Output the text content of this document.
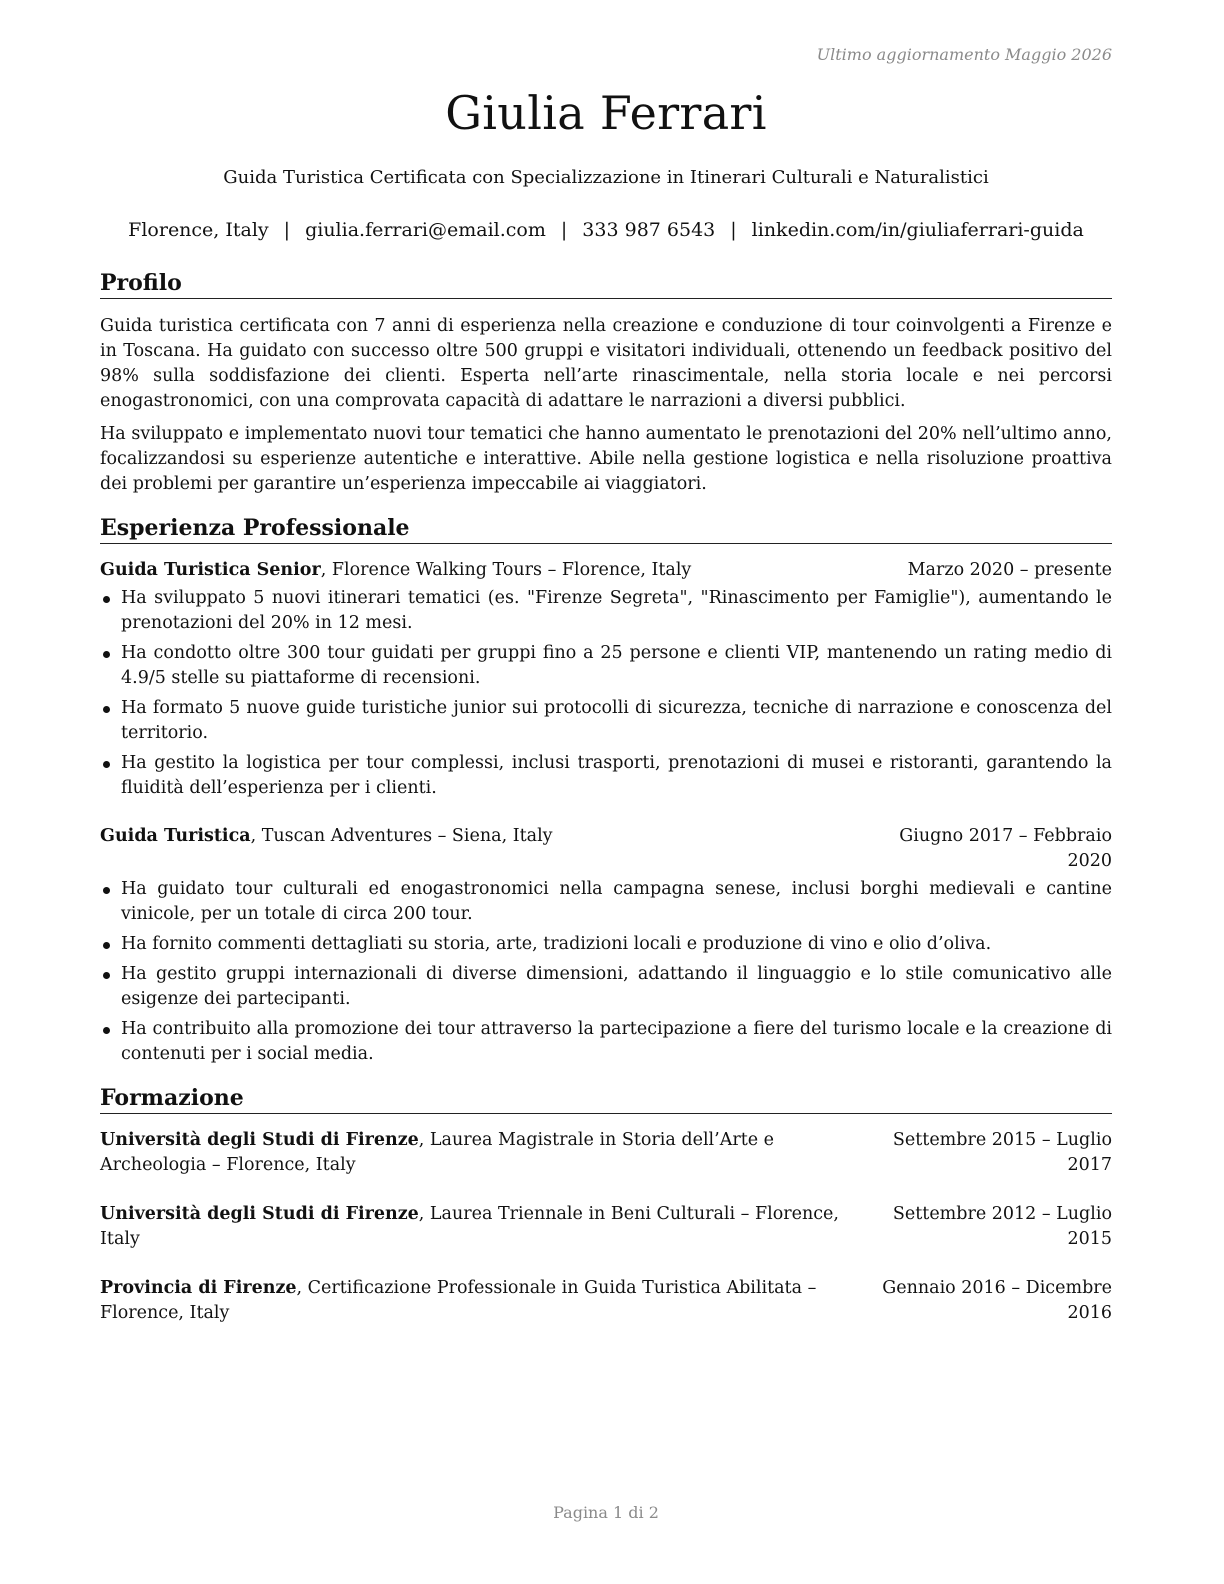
Ultimo aggiornamento Maggio 2026
Giulia Ferrari
Guida Turistica Certificata con Specializzazione in Itinerari Culturali e Naturalistici
Florence, Italy | giulia.ferrari@email.com | 333 987 6543 | linkedin.com/in/giuliaferrari-guida
Profilo

Guida turistica certificata con 7 anni di esperienza nella creazione e conduzione di tour coinvolgenti a Firenze e in Toscana. Ha guidato con successo oltre 500 gruppi e visitatori individuali, ottenendo un feedback positivo del 98% sulla soddisfazione dei clienti. Esperta nell’arte rinascimentale, nella storia locale e nei percorsi enogastronomici, con una comprovata capacità di adattare le narrazioni a diversi pubblici.

Ha sviluppato e implementato nuovi tour tematici che hanno aumentato le prenotazioni del 20% nell’ultimo anno, focalizzandosi su esperienze autentiche e interattive. Abile nella gestione logistica e nella risoluzione proattiva dei problemi per garantire un’esperienza impeccabile ai viaggiatori.

Esperienza Professionale
Guida Turistica Senior, Florence Walking Tours – Florence, Italy	Marzo 2020 – presente
Ha sviluppato 5 nuovi itinerari tematici (es. "Firenze Segreta", "Rinascimento per Famiglie"), aumentando le prenotazioni del 20% in 12 mesi.
Ha condotto oltre 300 tour guidati per gruppi fino a 25 persone e clienti VIP, mantenendo un rating medio di 4.9/5 stelle su piattaforme di recensioni.
Ha formato 5 nuove guide turistiche junior sui protocolli di sicurezza, tecniche di narrazione e conoscenza del territorio.
Ha gestito la logistica per tour complessi, inclusi trasporti, prenotazioni di musei e ristoranti, garantendo la fluidità dell’esperienza per i clienti.
Guida Turistica, Tuscan Adventures – Siena, Italy	Giugno 2017 – Febbraio 2020
Ha guidato tour culturali ed enogastronomici nella campagna senese, inclusi borghi medievali e cantine vinicole, per un totale di circa 200 tour.
Ha fornito commenti dettagliati su storia, arte, tradizioni locali e produzione di vino e olio d’oliva.
Ha gestito gruppi internazionali di diverse dimensioni, adattando il linguaggio e lo stile comunicativo alle esigenze dei partecipanti.
Ha contribuito alla promozione dei tour attraverso la partecipazione a fiere del turismo locale e la creazione di contenuti per i social media.
Formazione
Università degli Studi di Firenze, Laurea Magistrale in Storia dell’Arte e Archeologia – Florence, Italy
Settembre 2015 – Luglio 2017
Università degli Studi di Firenze, Laurea Triennale in Beni Culturali – Florence, Italy
Settembre 2012 – Luglio 2015
Provincia di Firenze, Certificazione Professionale in Guida Turistica Abilitata – Florence, Italy
Gennaio 2016 – Dicembre 2016
Pagina 1 di 2
